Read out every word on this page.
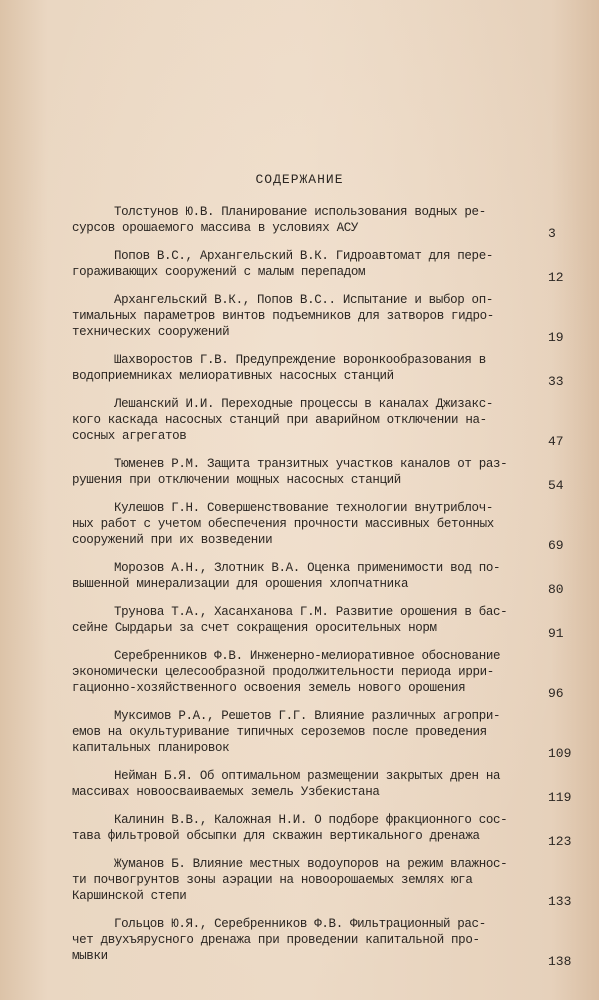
СОДЕРЖАНИЕ
Толстунов Ю.В. Планирование использования водных ре-
сурсов орошаемого массива в условиях АСУ	3
Попов В.С., Архангельский В.К. Гидроавтомат для пере-
гораживающих сооружений с малым перепадом	12
Архангельский В.К., Попов В.С.. Испытание и выбор оп-
тимальных параметров винтов подъемников для затворов гидро-
технических сооружений	19
Шахворостов Г.В. Предупреждение воронкообразования в
водоприемниках мелиоративных насосных станций	33
Лешанский И.И. Переходные процессы в каналах Джизакс-
кого каскада насосных станций при аварийном отключении на-
сосных агрегатов	47
Тюменев Р.М. Защита транзитных участков каналов от раз-
рушения при отключении мощных насосных станций	54
Кулешов Г.Н. Совершенствование технологии внутриблоч-
ных работ с учетом обеспечения прочности массивных бетонных
сооружений при их возведении	69
Морозов А.Н., Злотник В.А. Оценка применимости вод по-
вышенной минерализации для орошения хлопчатника	80
Трунова Т.А., Хасанханова Г.М. Развитие орошения в бас-
сейне Сырдарьи за счет сокращения оросительных норм	91
Серебренников Ф.В. Инженерно-мелиоративное обоснование
экономически целесообразной продолжительности периода ирри-
гационно-хозяйственного освоения земель нового орошения	96
Муксимов Р.А., Решетов Г.Г. Влияние различных агропри-
емов на окультуривание типичных сероземов после проведения
капитальных планировок	109
Нейман Б.Я. Об оптимальном размещении закрытых дрен на
массивах новоосваиваемых земель Узбекистана	119
Калинин В.В., Каложная Н.И. О подборе фракционного сос-
тава фильтровой обсыпки для скважин вертикального дренажа	123
Жуманов Б. Влияние местных водоупоров на режим влажнос-
ти почвогрунтов зоны аэрации на новоорошаемых землях юга
Каршинской степи	133
Гольцов Ю.Я., Серебренников Ф.В. Фильтрационный рас-
чет двухъярусного дренажа при проведении капитальной про-
мывки	138
